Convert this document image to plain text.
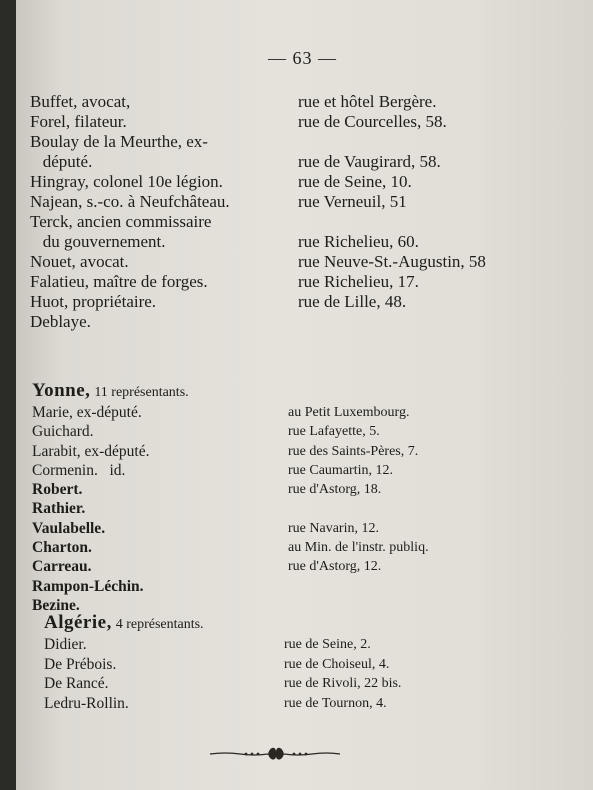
— 63 —
Buffet, avocat,	rue et hôtel Bergère.
Forel, filateur.	rue de Courcelles, 58.
Boulay de la Meurthe, ex-
député.	rue de Vaugirard, 58.
Hingray, colonel 10e légion.	rue de Seine, 10.
Najean, s.-co. à Neufchâteau.	rue Verneuil, 51
Terck, ancien commissaire
du gouvernement.	rue Richelieu, 60.
Nouet, avocat.	rue Neuve-St.-Augustin, 58
Falatieu, maître de forges.	rue Richelieu, 17.
Huot, propriétaire.	rue de Lille, 48.
Deblaye.
Yonne, 11 représentants.
Marie, ex-député.	au Petit Luxembourg.
Guichard.	rue Lafayette, 5.
Larabit, ex-député.	rue des Saints-Pères, 7.
Cormenin.   id.	rue Caumartin, 12.
Robert.	rue d'Astorg, 18.
Rathier.
Vaulabelle.	rue Navarin, 12.
Charton.	au Min. de l'instr. publiq.
Carreau.	rue d'Astorg, 12.
Rampon-Léchin.
Bezine.
Algérie, 4 représentants.
Didier.	rue de Seine, 2.
De Prébois.	rue de Choiseul, 4.
De Rancé.	rue de Rivoli, 22 bis.
Ledru-Rollin.	rue de Tournon, 4.
